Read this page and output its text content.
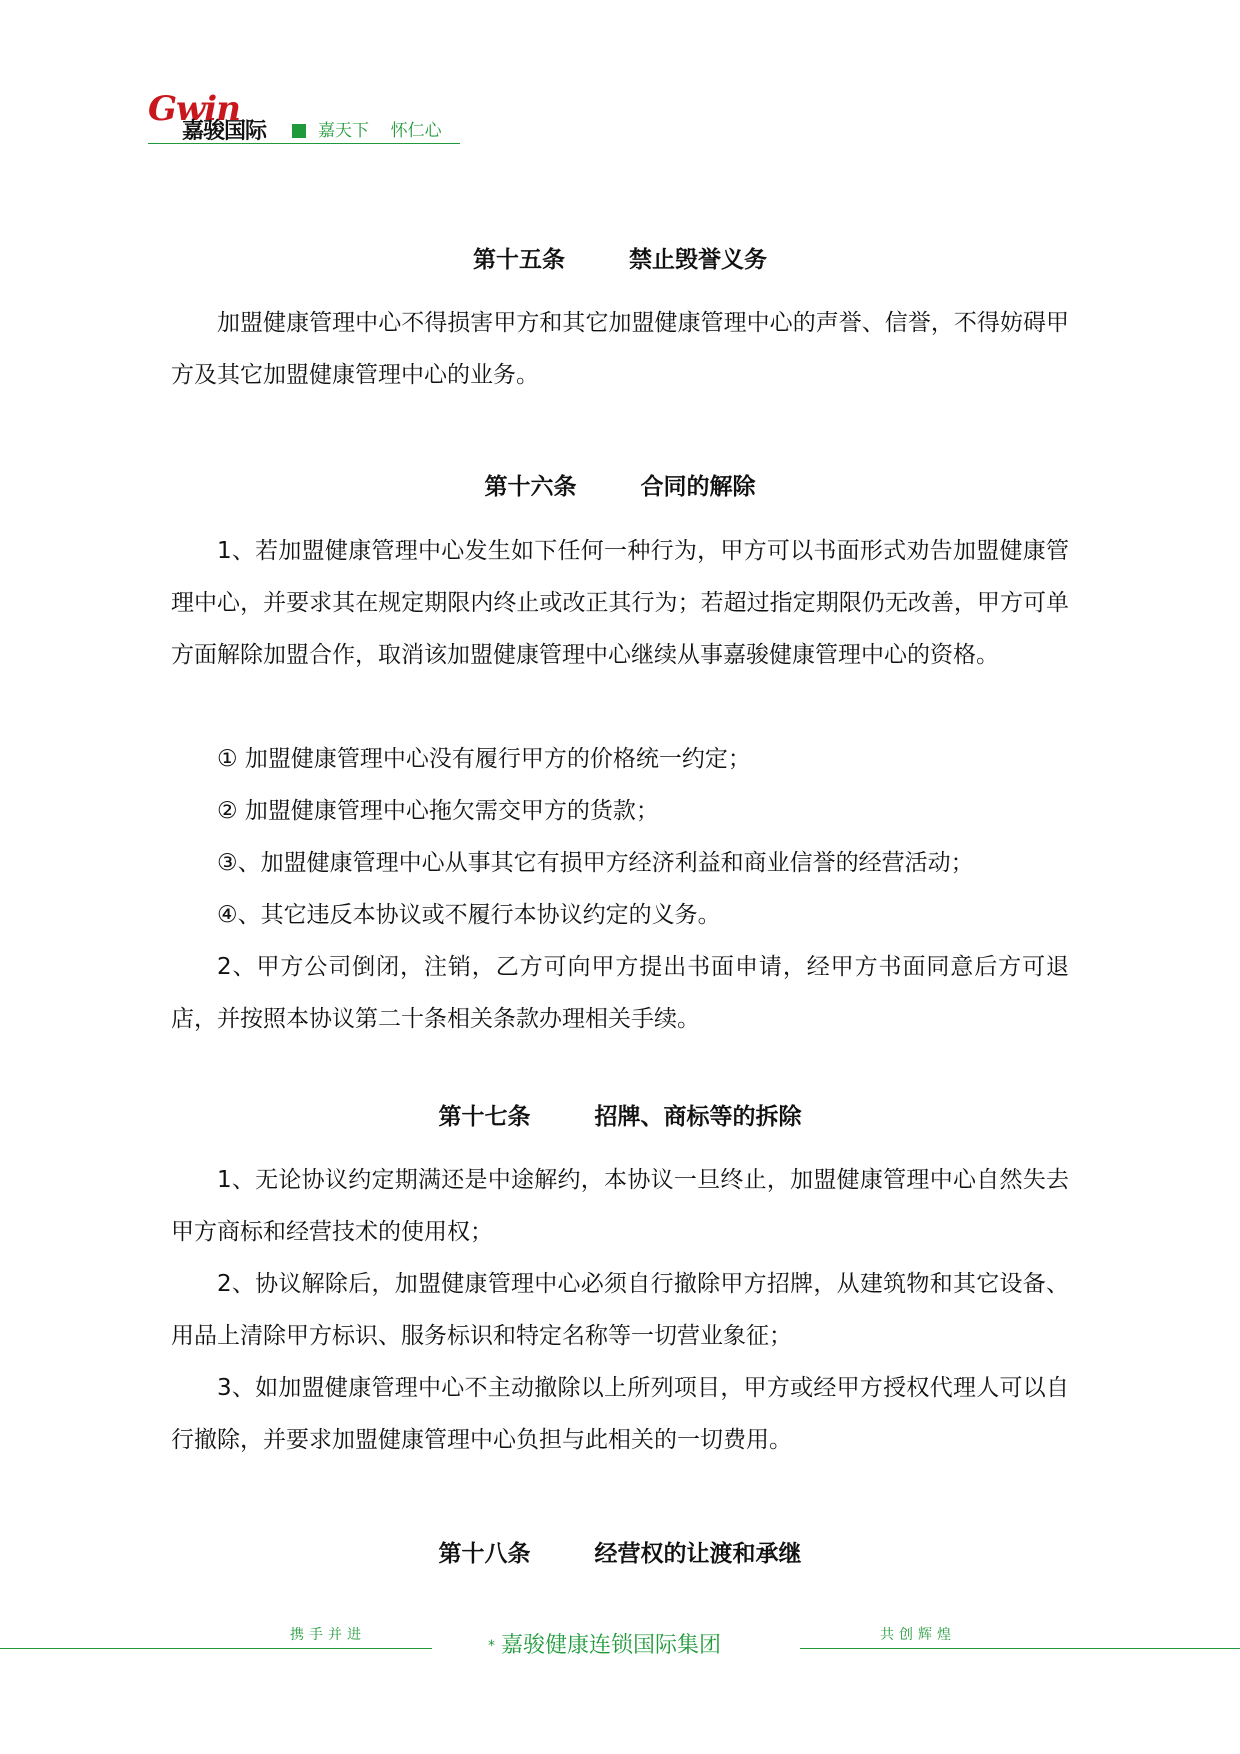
Gwin
嘉骏国际	嘉天下    怀仁心
第十五条        禁止毁誉义务
加盟健康管理中心不得损害甲方和其它加盟健康管理中心的声誉、信誉，不得妨碍甲方及其它加盟健康管理中心的业务。
第十六条        合同的解除
1、若加盟健康管理中心发生如下任何一种行为，甲方可以书面形式劝告加盟健康管理中心，并要求其在规定期限内终止或改正其行为；若超过指定期限仍无改善，甲方可单方面解除加盟合作，取消该加盟健康管理中心继续从事嘉骏健康管理中心的资格。
① 加盟健康管理中心没有履行甲方的价格统一约定；
② 加盟健康管理中心拖欠需交甲方的货款；
③、加盟健康管理中心从事其它有损甲方经济利益和商业信誉的经营活动；
④、其它违反本协议或不履行本协议约定的义务。
2、甲方公司倒闭，注销，乙方可向甲方提出书面申请，经甲方书面同意后方可退店，并按照本协议第二十条相关条款办理相关手续。
第十七条        招牌、商标等的拆除
1、无论协议约定期满还是中途解约，本协议一旦终止，加盟健康管理中心自然失去甲方商标和经营技术的使用权；
2、协议解除后，加盟健康管理中心必须自行撤除甲方招牌，从建筑物和其它设备、用品上清除甲方标识、服务标识和特定名称等一切营业象征；
3、如加盟健康管理中心不主动撤除以上所列项目，甲方或经甲方授权代理人可以自行撤除，并要求加盟健康管理中心负担与此相关的一切费用。
第十八条        经营权的让渡和承继
携手并进
* 嘉骏健康连锁国际集团	共创辉煌
